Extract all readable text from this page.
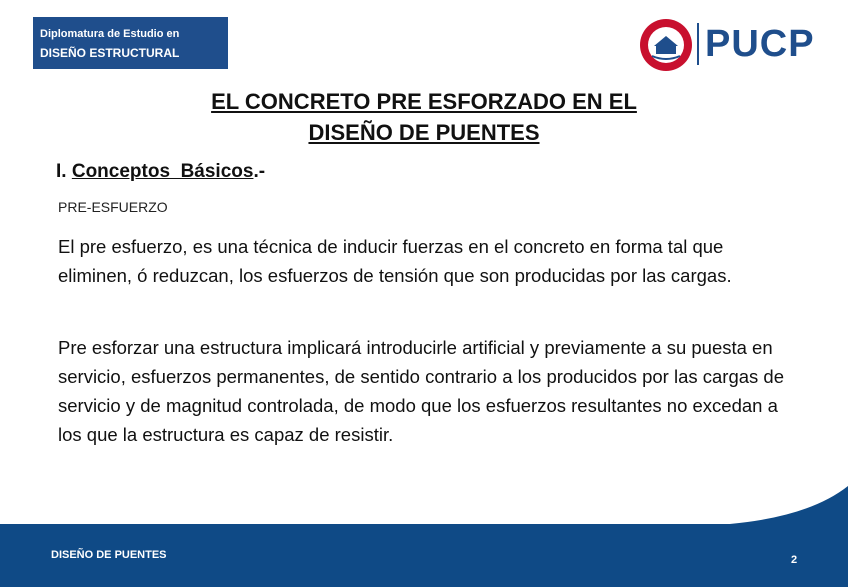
Diplomatura de Estudio en
DISEÑO ESTRUCTURAL	PUCP
EL CONCRETO PRE ESFORZADO EN EL
DISEÑO DE PUENTES
I. Conceptos  Básicos.-
PRE-ESFUERZO

El pre esfuerzo, es una técnica de inducir fuerzas en el concreto en forma tal que eliminen, ó reduzcan, los esfuerzos de tensión que son producidas por las cargas.

Pre esforzar una estructura implicará introducirle artificial y previamente a su puesta en servicio, esfuerzos permanentes, de sentido contrario a los producidos por las cargas de servicio y de magnitud controlada, de modo que los esfuerzos resultantes no excedan a los que la estructura es capaz de resistir.

DISEÑO DE PUENTES	2
